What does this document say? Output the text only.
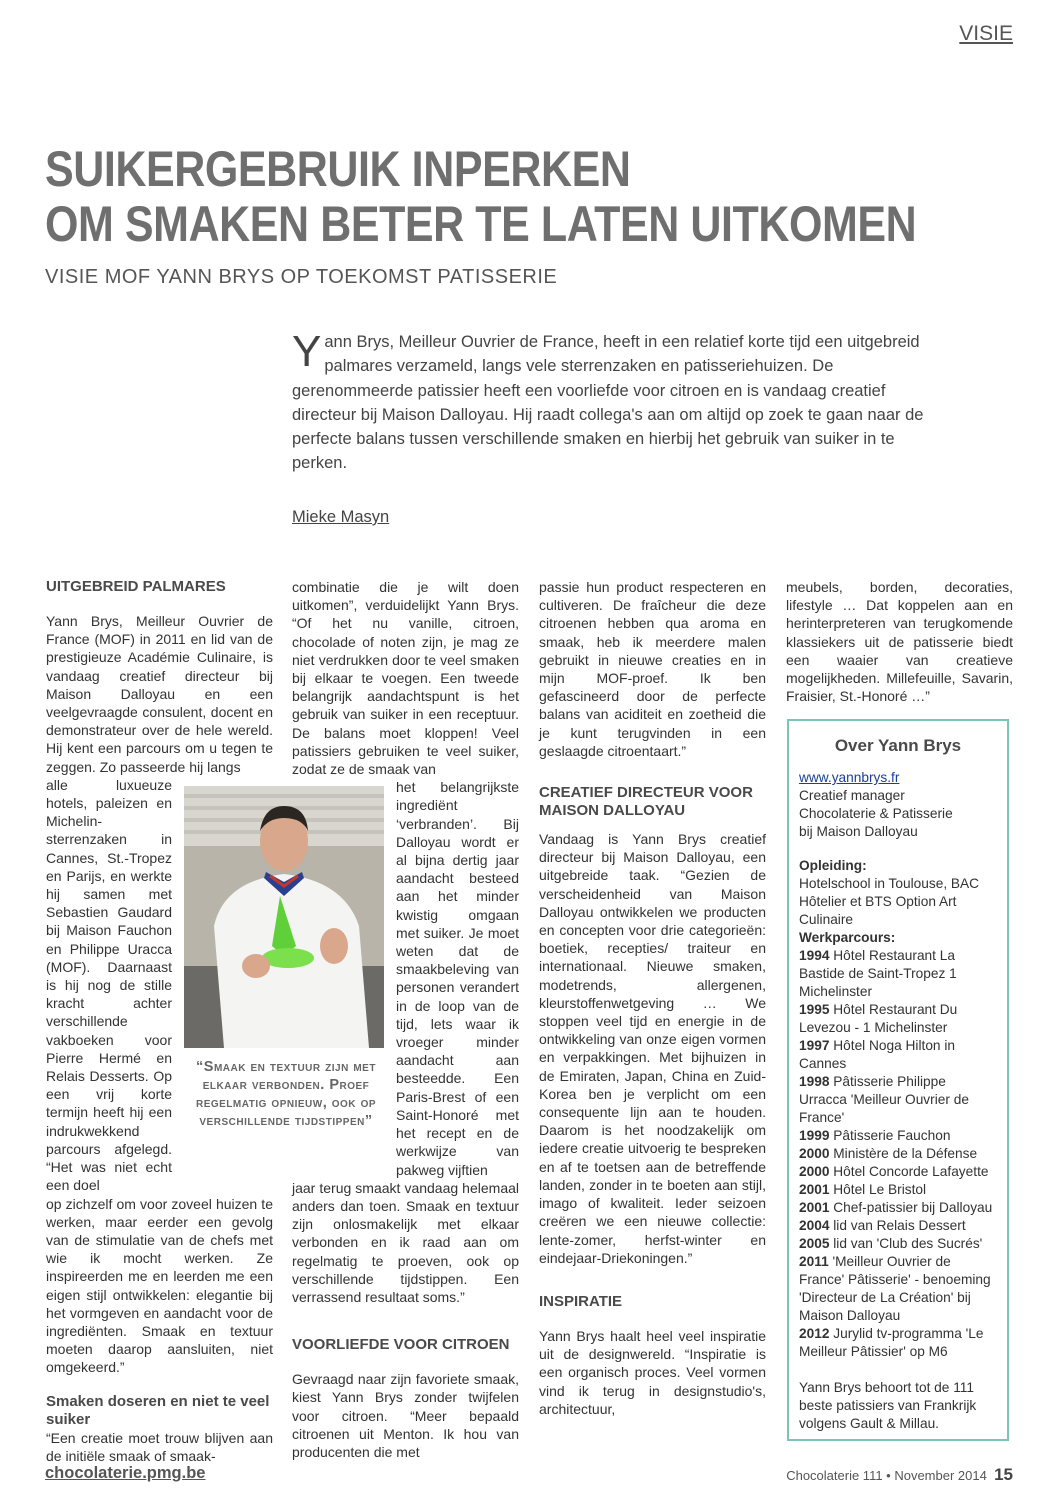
VISIE
SUIKERGEBRUIK INPERKEN
OM SMAKEN BETER TE LATEN UITKOMEN
VISIE MOF YANN BRYS OP TOEKOMST PATISSERIE

Yann Brys, Meilleur Ouvrier de France, heeft in een relatief korte tijd een uitgebreid palmares verzameld, langs vele sterrenzaken en patisseriehuizen. De gerenommeerde patissier heeft een voorliefde voor citroen en is vandaag creatief directeur bij Maison Dalloyau. Hij raadt collega's aan om altijd op zoek te gaan naar de perfecte balans tussen verschillende smaken en hierbij het gebruik van suiker in te perken.

Mieke Masyn
UITGEBREID PALMARES

Yann Brys, Meilleur Ouvrier de France (MOF) in 2011 en lid van de prestigieuze Académie Culinaire, is vandaag creatief directeur bij Maison Dalloyau en een veelgevraagde consulent, docent en demonstrateur over de hele wereld. Hij kent een parcours om u tegen te zeggen. Zo passeerde hij langs

alle luxueuze hotels, paleizen en Michelin-sterrenzaken in Cannes, St.-Tropez en Parijs, en werkte hij samen met Sebastien Gaudard bij Maison Fauchon en Philippe Uracca (MOF). Daarnaast is hij nog de stille kracht achter verschillende vakboeken voor Pierre Hermé en Relais Desserts. Op een vrij korte termijn heeft hij een indrukwekkend parcours afgelegd. “Het was niet echt een doel

op zichzelf om voor zoveel huizen te werken, maar eerder een gevolg van de stimulatie van de chefs met wie ik mocht werken. Ze inspireerden me en leerden me een eigen stijl ontwikkelen: elegantie bij het vormgeven en aandacht voor de ingrediënten. Smaak en textuur moeten daarop aansluiten, niet omgekeerd.”

Smaken doseren en niet te veel suiker

“Een creatie moet trouw blijven aan de initiële smaak of smaak-

combinatie die je wilt doen uitkomen”, verduidelijkt Yann Brys. “Of het nu vanille, citroen, chocolade of noten zijn, je mag ze niet verdrukken door te veel smaken bij elkaar te voegen. Een tweede belangrijk aandachtspunt is het gebruik van suiker in een receptuur. De balans moet kloppen! Veel patissiers gebruiken te veel suiker, zodat ze de smaak van

het belangrijkste ingrediënt ‘verbranden’. Bij Dalloyau wordt er al bijna dertig jaar aandacht besteed aan het minder kwistig omgaan met suiker. Je moet weten dat de smaakbeleving van personen verandert in de loop van de tijd, lets waar ik vroeger minder aandacht aan besteedde. Een Paris-Brest of een Saint-Honoré met het recept en de werkwijze van pakweg vijftien

jaar terug smaakt vandaag helemaal anders dan toen. Smaak en textuur zijn onlosmakelijk met elkaar verbonden en ik raad aan om regelmatig te proeven, ook op verschillende tijdstippen. Een verrassend resultaat soms.”

VOORLIEFDE VOOR CITROEN

Gevraagd naar zijn favoriete smaak, kiest Yann Brys zonder twijfelen voor citroen. “Meer bepaald citroenen uit Menton. Ik hou van producenten die met

“Smaak en textuur zijn met elkaar verbonden. Proef regelmatig opnieuw, ook op verschillende tijdstippen”

passie hun product respecteren en cultiveren. De fraîcheur die deze citroenen hebben qua aroma en smaak, heb ik meerdere malen gebruikt in nieuwe creaties en in mijn MOF-proef. Ik ben gefascineerd door de perfecte balans van aciditeit en zoetheid die je kunt terugvinden in een geslaagde citroentaart.”

CREATIEF DIRECTEUR VOOR MAISON DALLOYAU

Vandaag is Yann Brys creatief directeur bij Maison Dalloyau, een uitgebreide taak. “Gezien de verscheidenheid van Maison Dalloyau ontwikkelen we producten en concepten voor drie categorieën: boetiek, recepties/ traiteur en internationaal. Nieuwe smaken, modetrends, allergenen, kleurstoffenwetgeving … We stoppen veel tijd en energie in de ontwikkeling van onze eigen vormen en verpakkingen. Met bijhuizen in de Emiraten, Japan, China en Zuid-Korea ben je verplicht om een consequente lijn aan te houden. Daarom is het noodzakelijk om iedere creatie uitvoerig te bespreken en af te toetsen aan de betreffende landen, zonder in te boeten aan stijl, imago of kwaliteit. Ieder seizoen creëren we een nieuwe collectie: lente-zomer, herfst-winter en eindejaar-Driekoningen.”

INSPIRATIE

Yann Brys haalt heel veel inspiratie uit de designwereld. “Inspiratie is een organisch proces. Veel vormen vind ik terug in designstudio's, architectuur,

meubels, borden, decoraties, lifestyle … Dat koppelen aan en herinterpreteren van terugkomende klassiekers uit de patisserie biedt een waaier van creatieve mogelijkheden. Millefeuille, Savarin, Fraisier, St.-Honoré …”

Over Yann Brys

www.yannbrys.fr

Creatief manager

Chocolaterie & Patisserie

bij Maison Dalloyau

Opleiding:

Hotelschool in Toulouse, BAC Hôtelier et BTS Option Art Culinaire

Werkparcours:

1994 Hôtel Restaurant La Bastide de Saint-Tropez 1 Michelinster

1995 Hôtel Restaurant Du Levezou - 1 Michelinster

1997 Hôtel Noga Hilton in Cannes

1998 Pâtisserie Philippe Urracca 'Meilleur Ouvrier de France'

1999 Pâtisserie Fauchon

2000 Ministère de la Défense

2000 Hôtel Concorde Lafayette

2001 Hôtel Le Bristol

2001 Chef-patissier bij Dalloyau

2004 lid van Relais Dessert

2005 lid van 'Club des Sucrés'

2011 'Meilleur Ouvrier de France' Pâtisserie' - benoeming 'Directeur de La Création' bij Maison Dalloyau

2012 Jurylid tv-programma 'Le Meilleur Pâtissier' op M6

Yann Brys behoort tot de 111 beste patissiers van Frankrijk volgens Gault & Millau.

chocolaterie.pmg.be	Chocolaterie 111 • November 2014 15
